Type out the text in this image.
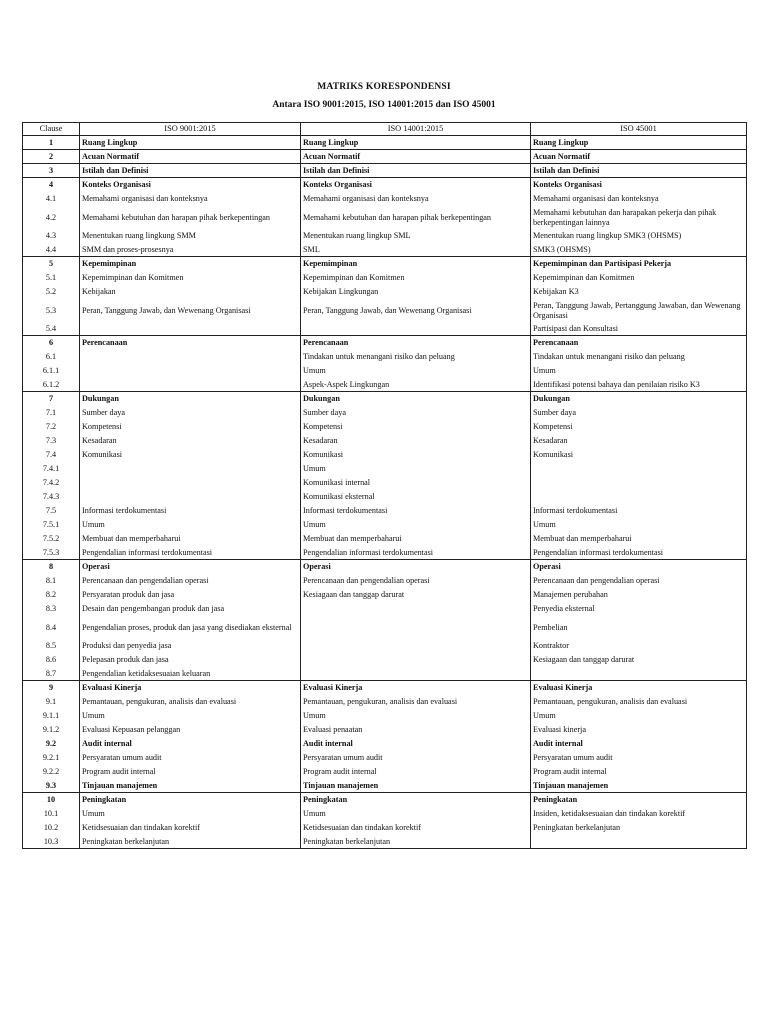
MATRIKS KORESPONDENSI
Antara ISO 9001:2015, ISO 14001:2015 dan ISO 45001
Clause	ISO 9001:2015	ISO 14001:2015	ISO 45001
1	Ruang Lingkup	Ruang Lingkup	Ruang Lingkup
2	Acuan Normatif	Acuan Normatif	Acuan Normatif
3	Istilah dan Definisi	Istilah dan Definisi	Istilah dan Definisi
4	Konteks Organisasi	Konteks Organisasi	Konteks Organisasi
4.1	Memahami organisasi dan konteksnya	Memahami organisasi dan konteksnya	Memahami organisasi dan konteksnya
4.2	Memahami kebutuhan dan harapan pihak berkepentingan	Memahami kebutuhan dan harapan pihak berkepentingan	Memahami kebutuhan dan harapakan pekerja dan pihak berkepentingan lainnya
4.3	Menentukan ruang lingkung SMM	Menentukan ruang lingkup SML	Menentukan ruang lingkup SMK3 (OHSMS)
4.4	SMM dan proses-prosesnya	SML	SMK3 (OHSMS)
5	Kepemimpinan	Kepemimpinan	Kepemimpinan dan Partisipasi Pekerja
5.1	Kepemimpinan dan Komitmen	Kepemimpinan dan Komitmen	Kepemimpinan dan Komitmen
5.2	Kebijakan	Kebijakan Lingkungan	Kebijakan K3
5.3	Peran, Tanggung Jawab, dan Wewenang Organisasi	Peran, Tanggung Jawab, dan Wewenang Organisasi	Peran, Tanggung Jawab, Pertanggung Jawaban, dan Wewenang Organisasi
5.4			Partisipasi dan Konsultasi
6	Perencanaan	Perencanaan	Perencanaan
6.1		Tindakan untuk menangani risiko dan peluang	Tindakan untuk menangani risiko dan peluang
6.1.1		Umum	Umum
6.1.2		Aspek-Aspek Lingkungan	Identifikasi potensi bahaya dan penilaian risiko K3
7	Dukungan	Dukungan	Dukungan
7.1	Sumber daya	Sumber daya	Sumber daya
7.2	Kompetensi	Kompetensi	Kompetensi
7.3	Kesadaran	Kesadaran	Kesadaran
7.4	Komunikasi	Komunikasi	Komunikasi
7.4.1		Umum	
7.4.2		Komunikasi internal	
7.4.3		Komunikasi eksternal	
7.5	Informasi terdokumentasi	Informasi terdokumentasi	Informasi terdokumentasi
7.5.1	Umum	Umum	Umum
7.5.2	Membuat dan memperbaharui	Membuat dan memperbaharui	Membuat dan memperbaharui
7.5.3	Pengendalian informasi terdokumentasi	Pengendalian informasi terdokumentasi	Pengendalian informasi terdokumentasi
8	Operasi	Operasi	Operasi
8.1	Perencanaan dan pengendalian operasi	Perencanaan dan pengendalian operasi	Perencanaan dan pengendalian operasi
8.2	Persyaratan produk dan jasa	Kesiagaan dan tanggap darurat	Manajemen perubahan
8.3	Desain dan pengembangan produk dan jasa		Penyedia eksternal
8.4	Pengendalian proses, produk dan jasa yang disediakan eksternal		Pembelian
8.5	Produksi dan penyedia jasa		Kontraktor
8.6	Pelepasan produk dan jasa		Kesiagaan dan tanggap darurat
8.7	Pengendalian ketidaksesuaian keluaran		
9	Evaluasi Kinerja	Evaluasi Kinerja	Evaluasi Kinerja
9.1	Pemantauan, pengukuran, analisis dan evaluasi	Pemantauan, pengukuran, analisis dan evaluasi	Pemantauan, pengukuran, analisis dan evaluasi
9.1.1	Umum	Umum	Umum
9.1.2	Evaluasi Kepuasan pelanggan	Evaluasi penaatan	Evaluasi kinerja
9.2	Audit internal	Audit internal	Audit internal
9.2.1	Persyaratan umum audit	Persyaratan umum audit	Persyaratan umum audit
9.2.2	Program audit internal	Program audit internal	Program audit internal
9.3	Tinjauan manajemen	Tinjauan manajemen	Tinjauan manajemen
10	Peningkatan	Peningkatan	Peningkatan
10.1	Umum	Umum	Insiden, ketidaksesuaian dan tindakan korektif
10.2	Ketidsesuaian dan tindakan korektif	Ketidsesuaian dan tindakan korektif	Peningkatan berkelanjutan
10.3	Peningkatan berkelanjutan	Peningkatan berkelanjutan	
